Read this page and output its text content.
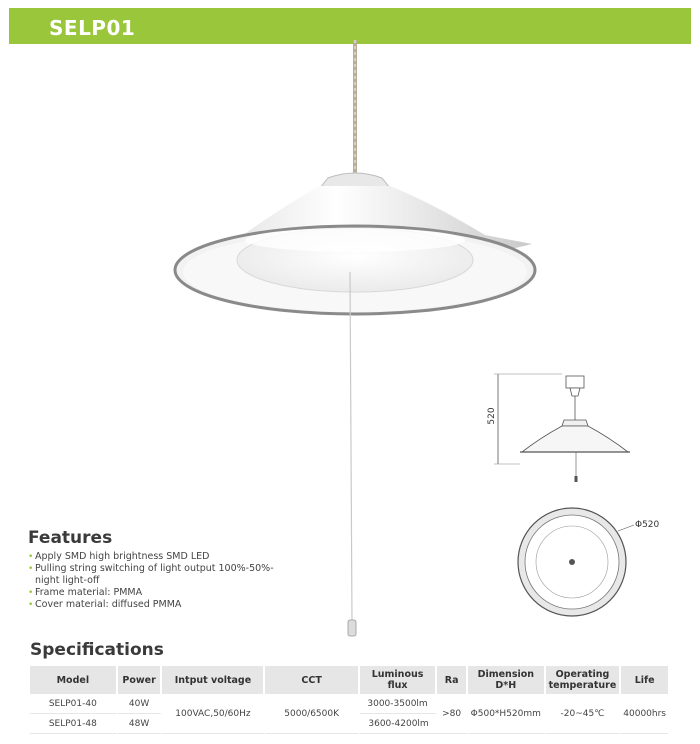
SELP01
520
Φ520
Features
• Apply SMD high brightness SMD LED
• Pulling string switching of light output 100%-50%-night light-off
• Frame material: PMMA
• Cover material: diffused PMMA
Specifications
Model	Power	Intput voltage	CCT	Luminous flux	Ra	Dimension D*H	Operating temperature	Life
SELP01-40	40W	100VAC,50/60Hz	5000/6500K	3000-3500lm	>80	Φ500*H520mm	-20~45℃	40000hrs
SELP01-48	48W			3600-4200lm				
